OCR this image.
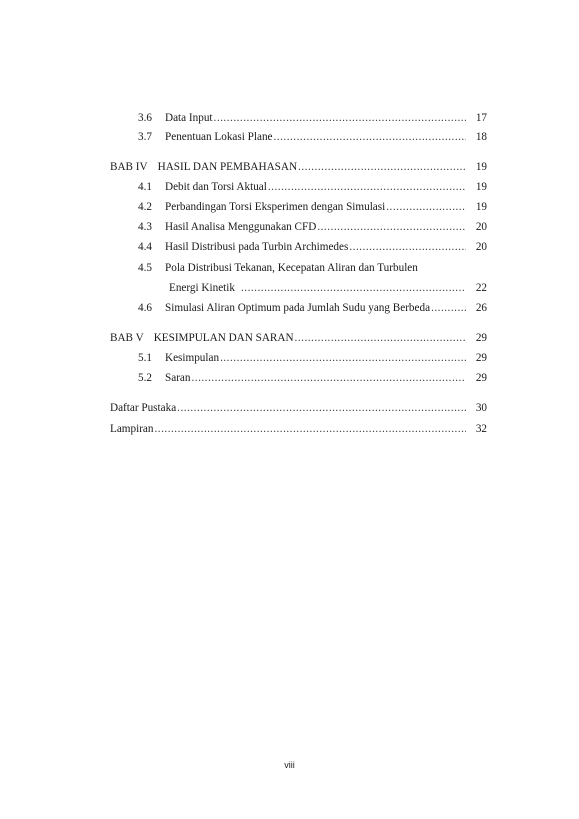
3.6	Data Input .....	17
3.7	Penentuan Lokasi Plane .....	18
BAB IV HASIL DAN PEMBAHASAN .....	19
4.1	Debit dan Torsi Aktual .....	19
4.2	Perbandingan Torsi Eksperimen dengan Simulasi .....	19
4.3	Hasil Analisa Menggunakan CFD .....	20
4.4	Hasil Distribusi pada Turbin Archimedes .....	20
4.5	Pola Distribusi Tekanan, Kecepatan Aliran dan Turbulen
Energi Kinetik .....	22
4.6	Simulasi Aliran Optimum pada Jumlah Sudu yang Berbeda .....	26
BAB V KESIMPULAN DAN SARAN .....	29
5.1	Kesimpulan .....	29
5.2	Saran .....	29
Daftar Pustaka .....	30
Lampiran .....	32
viii
